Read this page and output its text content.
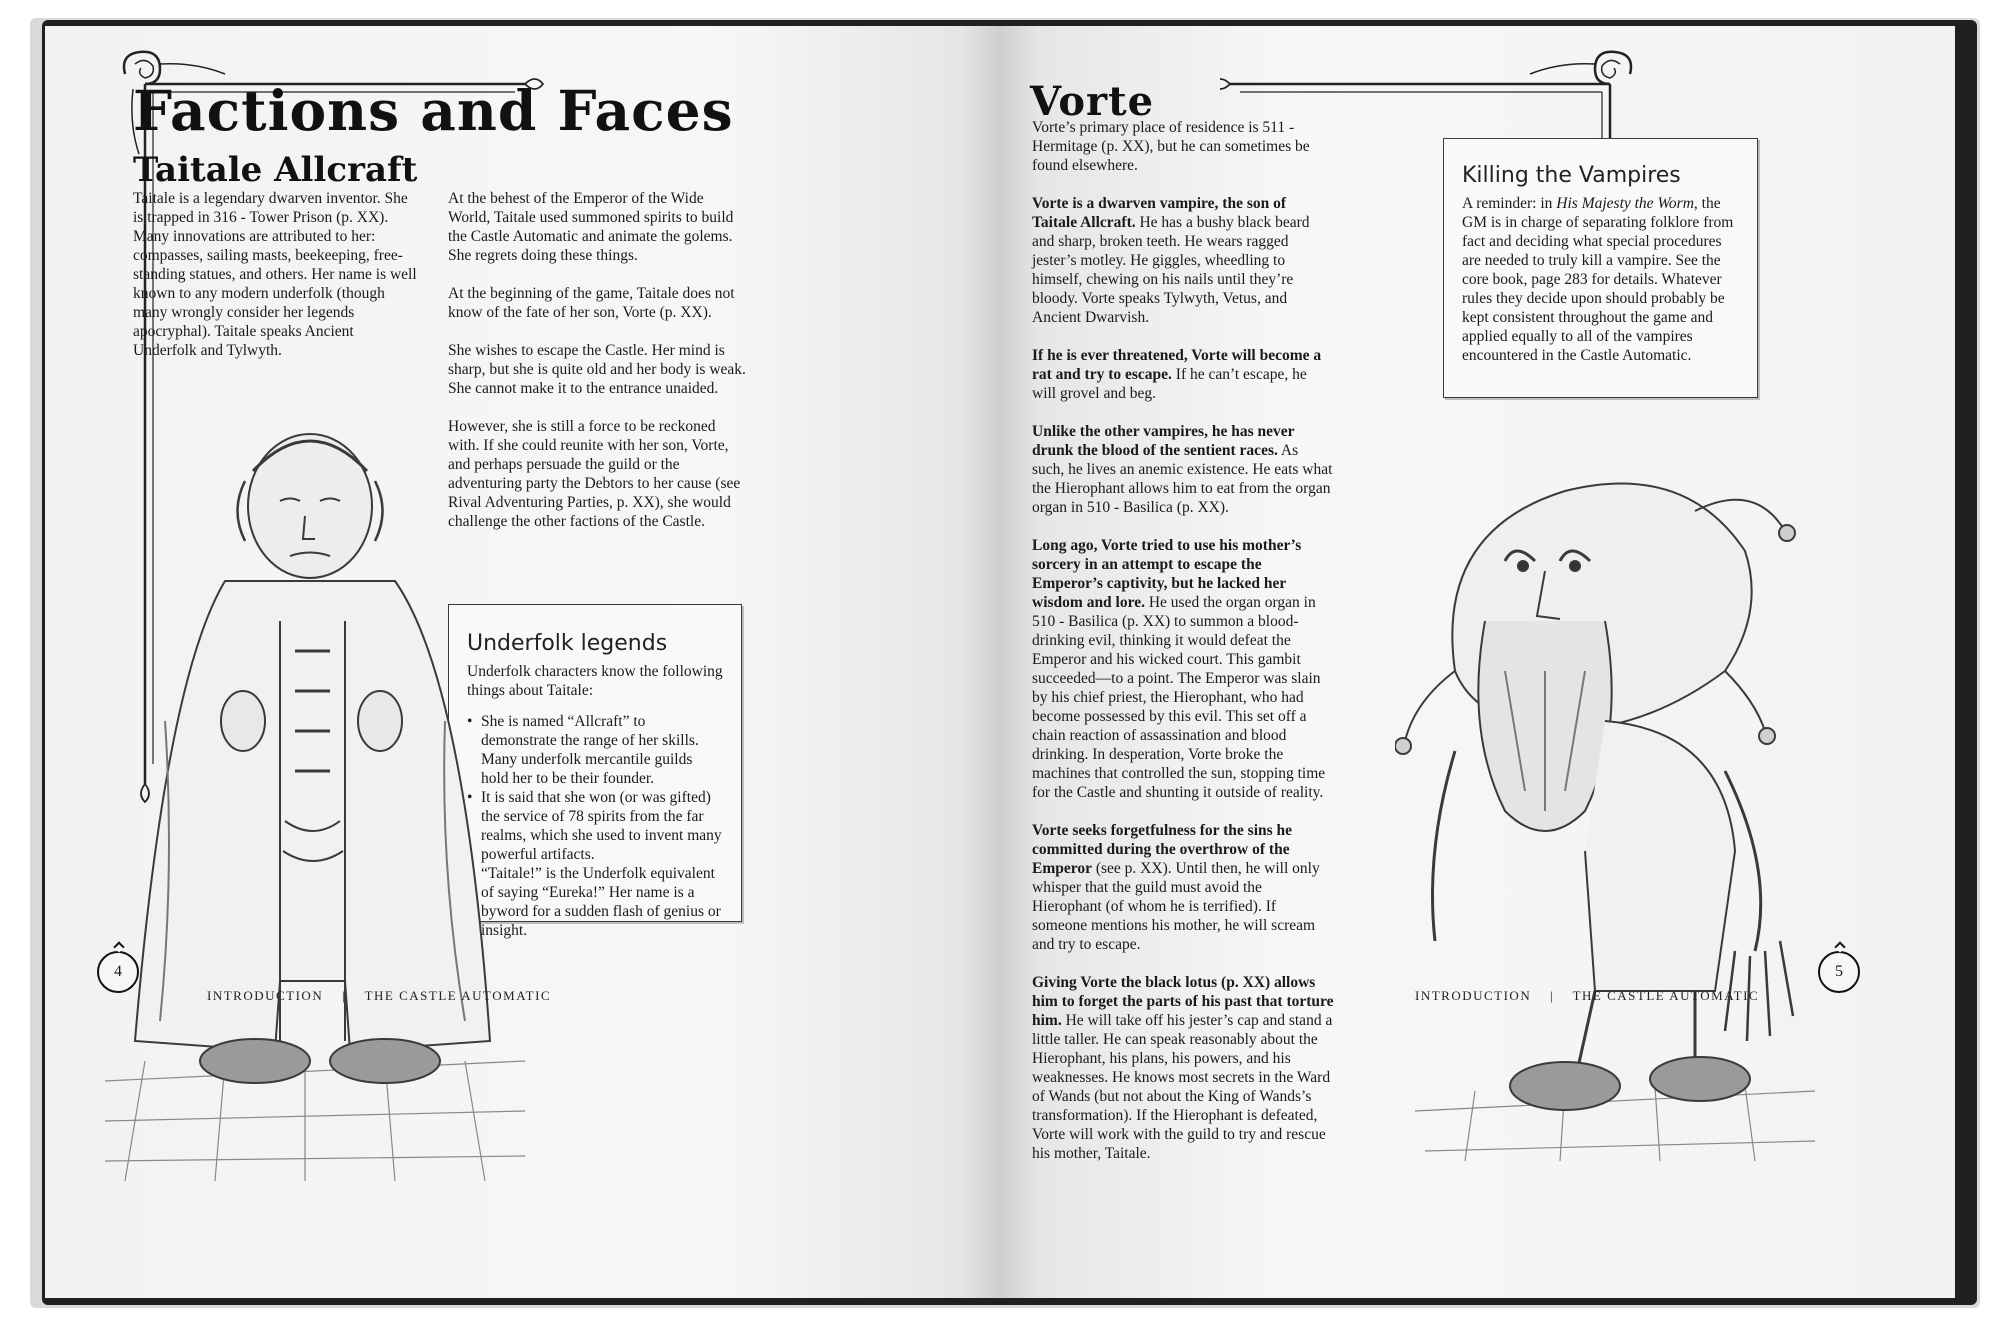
Factions and Faces
Taitale Allcraft

Taitale is a legendary dwarven inventor. She is trapped in 316 - Tower Prison (p. XX). Many innovations are attributed to her: compasses, sailing masts, beekeeping, free-standing statues, and others. Her name is well known to any modern underfolk (though many wrongly consider her legends apocryphal). Taitale speaks Ancient Underfolk and Tylwyth.

At the behest of the Emperor of the Wide World, Taitale used summoned spirits to build the Castle Automatic and animate the golems. She regrets doing these things.

At the beginning of the game, Taitale does not know of the fate of her son, Vorte (p. XX).

She wishes to escape the Castle. Her mind is sharp, but she is quite old and her body is weak. She cannot make it to the entrance unaided.

However, she is still a force to be reckoned with. If she could reunite with her son, Vorte, and perhaps persuade the guild or the adventuring party the Debtors to her cause (see Rival Adventuring Parties, p. XX), she would challenge the other factions of the Castle.

Underfolk legends
Underfolk characters know the following things about Taitale:
• She is named “Allcraft” to demonstrate the range of her skills. Many underfolk mercantile guilds hold her to be their founder.
• It is said that she won (or was gifted) the service of 78 spirits from the far realms, which she used to invent many powerful artifacts.
• “Taitale!” is the Underfolk equivalent of saying “Eureka!” Her name is a byword for a sudden flash of genius or insight.
4
INTRODUCTION | THE CASTLE AUTOMATIC
Vorte

Vorte’s primary place of residence is 511 - Hermitage (p. XX), but he can sometimes be found elsewhere.

Vorte is a dwarven vampire, the son of Taitale Allcraft. He has a bushy black beard and sharp, broken teeth. He wears ragged jester’s motley. He giggles, wheedling to himself, chewing on his nails until they’re bloody. Vorte speaks Tylwyth, Vetus, and Ancient Dwarvish.

If he is ever threatened, Vorte will become a rat and try to escape. If he can’t escape, he will grovel and beg.

Unlike the other vampires, he has never drunk the blood of the sentient races. As such, he lives an anemic existence. He eats what the Hierophant allows him to eat from the organ organ in 510 - Basilica (p. XX).

Long ago, Vorte tried to use his mother’s sorcery in an attempt to escape the Emperor’s captivity, but he lacked her wisdom and lore. He used the organ organ in 510 - Basilica (p. XX) to summon a blood-drinking evil, thinking it would defeat the Emperor and his wicked court. This gambit succeeded—to a point. The Emperor was slain by his chief priest, the Hierophant, who had become possessed by this evil. This set off a chain reaction of assassination and blood drinking. In desperation, Vorte broke the machines that controlled the sun, stopping time for the Castle and shunting it outside of reality.

Vorte seeks forgetfulness for the sins he committed during the overthrow of the Emperor (see p. XX). Until then, he will only whisper that the guild must avoid the Hierophant (of whom he is terrified). If someone mentions his mother, he will scream and try to escape.

Giving Vorte the black lotus (p. XX) allows him to forget the parts of his past that torture him. He will take off his jester’s cap and stand a little taller. He can speak reasonably about the Hierophant, his plans, his powers, and his weaknesses. He knows most secrets in the Ward of Wands (but not about the King of Wands’s transformation). If the Hierophant is defeated, Vorte will work with the guild to try and rescue his mother, Taitale.

Killing the Vampires
A reminder: in His Majesty the Worm, the GM is in charge of separating folklore from fact and deciding what special procedures are needed to truly kill a vampire. See the core book, page 283 for details. Whatever rules they decide upon should probably be kept consistent throughout the game and applied equally to all of the vampires encountered in the Castle Automatic.
INTRODUCTION | THE CASTLE AUTOMATIC
5
